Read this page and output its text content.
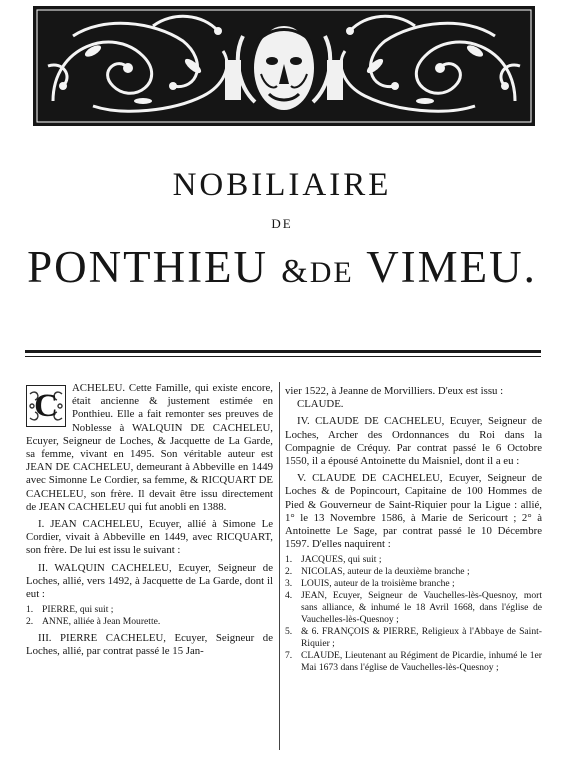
NOBILIAIRE
DE
PONTHIEU &DE VIMEU.
C	ACHELEU. Cette Famille, qui existe encore, était ancienne & justement estimée en Ponthieu. Elle a fait remonter ses preuves de Noblesse à WALQUIN DE CACHELEU, Ecuyer, Seigneur de Loches, & Jacquette de La Garde, sa femme, vivant en 1495. Son véritable auteur est JEAN DE CACHELEU, demeurant à Abbeville en 1449 avec Simonne Le Cordier, sa femme, & RICQUART DE CACHELEU, son frère. Il devait être issu directement de JEAN CACHELEU qui fut anobli en 1388.

I. JEAN CACHELEU, Ecuyer, allié à Simone Le Cordier, vivait à Abbeville en 1449, avec RICQUART, son frère. De lui est issu le suivant :

II. WALQUIN CACHELEU, Ecuyer, Seigneur de Loches, allié, vers 1492, à Jacquette de La Garde, dont il eut :

1. PIERRE, qui suit ;
2. ANNE, alliée à Jean Mourette.

III. PIERRE CACHELEU, Ecuyer, Seigneur de Loches, allié, par contrat passé le 15 Jan-

vier 1522, à Jeanne de Morvilliers. D'eux est issu :

CLAUDE.

IV. CLAUDE DE CACHELEU, Ecuyer, Seigneur de Loches, Archer des Ordonnances du Roi dans la Compagnie de Créquy. Par contrat passé le 6 Octobre 1550, il a épousé Antoinette du Maisniel, dont il a eu :

V. CLAUDE DE CACHELEU, Ecuyer, Seigneur de Loches & de Popincourt, Capitaine de 100 Hommes de Pied & Gouverneur de Saint-Riquier pour la Ligue : allié, 1° le 13 Novembre 1586, à Marie de Sericourt ; 2° à Antoinette Le Sage, par contrat passé le 10 Décembre 1597. D'elles naquirent :

1. JACQUES, qui suit ;
2. NICOLAS, auteur de la deuxième branche ;
3. LOUIS, auteur de la troisième branche ;
4. JEAN, Ecuyer, Seigneur de Vauchelles-lès-Quesnoy, mort sans alliance, & inhumé le 18 Avril 1668, dans l'église de Vauchelles-lès-Quesnoy ;
5. & 6. FRANÇOIS & PIERRE, Religieux à l'Abbaye de Saint-Riquier ;
7. CLAUDE, Lieutenant au Régiment de Picardie, inhumé le 1er Mai 1673 dans l'église de Vauchelles-lès-Quesnoy ;
